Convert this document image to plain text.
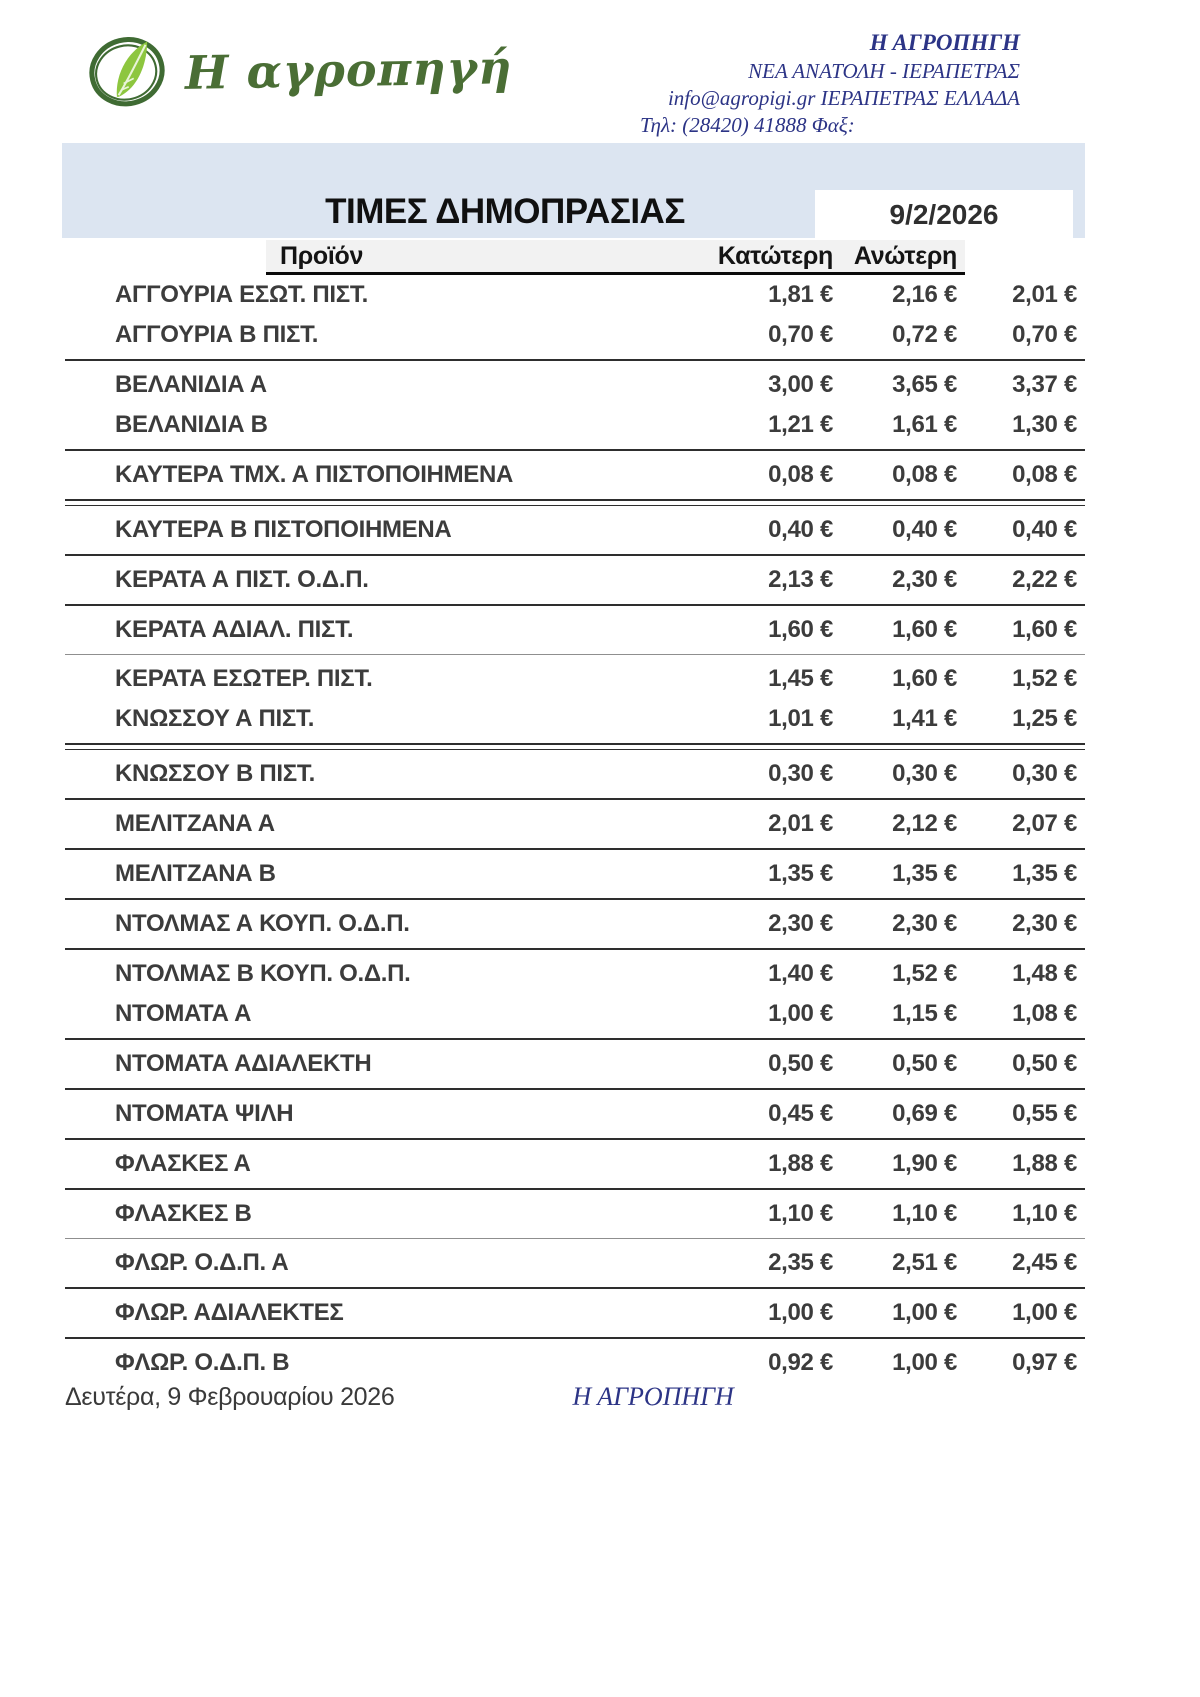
Η αγροπηγή	Η ΑΓΡΟΠΗΓΗ
ΝΕΑ ΑΝΑΤΟΛΗ - ΙΕΡΑΠΕΤΡΑΣ
info@agropigi.gr ΙΕΡΑΠΕΤΡΑΣ ΕΛΛΑΔΑ
Τηλ: (28420) 41888 Φαξ:
ΤΙΜΕΣ ΔΗΜΟΠΡΑΣΙΑΣ	9/2/2026
Προϊόν	Κατώτερη Ανώτερη
ΑΓΓΟΥΡΙΑ ΕΣΩΤ. ΠΙΣΤ.	1,81 €	2,16 €	2,01 €
ΑΓΓΟΥΡΙΑ Β ΠΙΣΤ.	0,70 €	0,72 €	0,70 €
ΒΕΛΑΝΙΔΙΑ Α	3,00 €	3,65 €	3,37 €
ΒΕΛΑΝΙΔΙΑ Β	1,21 €	1,61 €	1,30 €
ΚΑΥΤΕΡΑ ΤΜΧ. Α ΠΙΣΤΟΠΟΙΗΜΕΝΑ	0,08 €	0,08 €	0,08 €
ΚΑΥΤΕΡΑ Β ΠΙΣΤΟΠΟΙΗΜΕΝΑ	0,40 €	0,40 €	0,40 €
ΚΕΡΑΤΑ Α ΠΙΣΤ. Ο.Δ.Π.	2,13 €	2,30 €	2,22 €
ΚΕΡΑΤΑ ΑΔΙΑΛ. ΠΙΣΤ.	1,60 €	1,60 €	1,60 €
ΚΕΡΑΤΑ ΕΣΩΤΕΡ. ΠΙΣΤ.	1,45 €	1,60 €	1,52 €
ΚΝΩΣΣΟΥ Α ΠΙΣΤ.	1,01 €	1,41 €	1,25 €
ΚΝΩΣΣΟΥ Β ΠΙΣΤ.	0,30 €	0,30 €	0,30 €
ΜΕΛΙΤΖΑΝΑ Α	2,01 €	2,12 €	2,07 €
ΜΕΛΙΤΖΑΝΑ Β	1,35 €	1,35 €	1,35 €
ΝΤΟΛΜΑΣ Α ΚΟΥΠ. Ο.Δ.Π.	2,30 €	2,30 €	2,30 €
ΝΤΟΛΜΑΣ Β ΚΟΥΠ. Ο.Δ.Π.	1,40 €	1,52 €	1,48 €
ΝΤΟΜΑΤΑ Α	1,00 €	1,15 €	1,08 €
ΝΤΟΜΑΤΑ ΑΔΙΑΛΕΚΤΗ	0,50 €	0,50 €	0,50 €
ΝΤΟΜΑΤΑ ΨΙΛΗ	0,45 €	0,69 €	0,55 €
ΦΛΑΣΚΕΣ Α	1,88 €	1,90 €	1,88 €
ΦΛΑΣΚΕΣ Β	1,10 €	1,10 €	1,10 €
ΦΛΩΡ. Ο.Δ.Π. Α	2,35 €	2,51 €	2,45 €
ΦΛΩΡ. ΑΔΙΑΛΕΚΤΕΣ	1,00 €	1,00 €	1,00 €
ΦΛΩΡ. Ο.Δ.Π. Β	0,92 €	1,00 €	0,97 €
Δευτέρα, 9 Φεβρουαρίου 2026	Η ΑΓΡΟΠΗΓΗ
